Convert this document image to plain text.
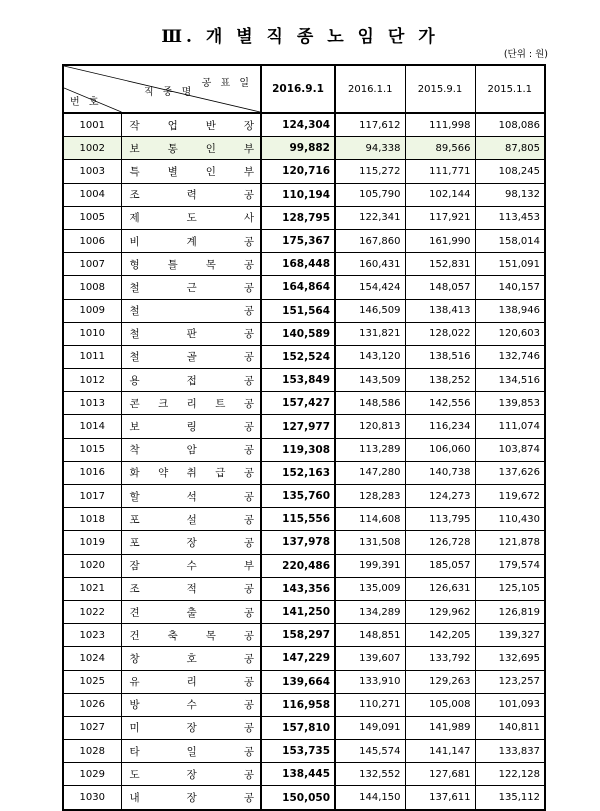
Ⅲ. 개 별 직 종 노 임 단 가
(단위 : 원)
공 표 일
번 호
직 종 명		2016.9.1	2016.1.1	2015.9.1	2015.1.1
1001	작 업 반 장	124,304	117,612	111,998	108,086
1002	보 통 인 부	99,882	94,338	89,566	87,805
1003	특 별 인 부	120,716	115,272	111,771	108,245
1004	조 력 공	110,194	105,790	102,144	98,132
1005	제 도 사	128,795	122,341	117,921	113,453
1006	비 계 공	175,367	167,860	161,990	158,014
1007	형 틀 목 공	168,448	160,431	152,831	151,091
1008	철 근 공	164,864	154,424	148,057	140,157
1009	철 공	151,564	146,509	138,413	138,946
1010	철 판 공	140,589	131,821	128,022	120,603
1011	철 골 공	152,524	143,120	138,516	132,746
1012	용 접 공	153,849	143,509	138,252	134,516
1013	콘 크 리 트 공	157,427	148,586	142,556	139,853
1014	보 링 공	127,977	120,813	116,234	111,074
1015	착 암 공	119,308	113,289	106,060	103,874
1016	화 약 취 급 공	152,163	147,280	140,738	137,626
1017	할 석 공	135,760	128,283	124,273	119,672
1018	포 설 공	115,556	114,608	113,795	110,430
1019	포 장 공	137,978	131,508	126,728	121,878
1020	잠 수 부	220,486	199,391	185,057	179,574
1021	조 적 공	143,356	135,009	126,631	125,105
1022	견 출 공	141,250	134,289	129,962	126,819
1023	건 축 목 공	158,297	148,851	142,205	139,327
1024	창 호 공	147,229	139,607	133,792	132,695
1025	유 리 공	139,664	133,910	129,263	123,257
1026	방 수 공	116,958	110,271	105,008	101,093
1027	미 장 공	157,810	149,091	141,989	140,811
1028	타 일 공	153,735	145,574	141,147	133,837
1029	도 장 공	138,445	132,552	127,681	122,128
1030	내 장 공	150,050	144,150	137,611	135,112
